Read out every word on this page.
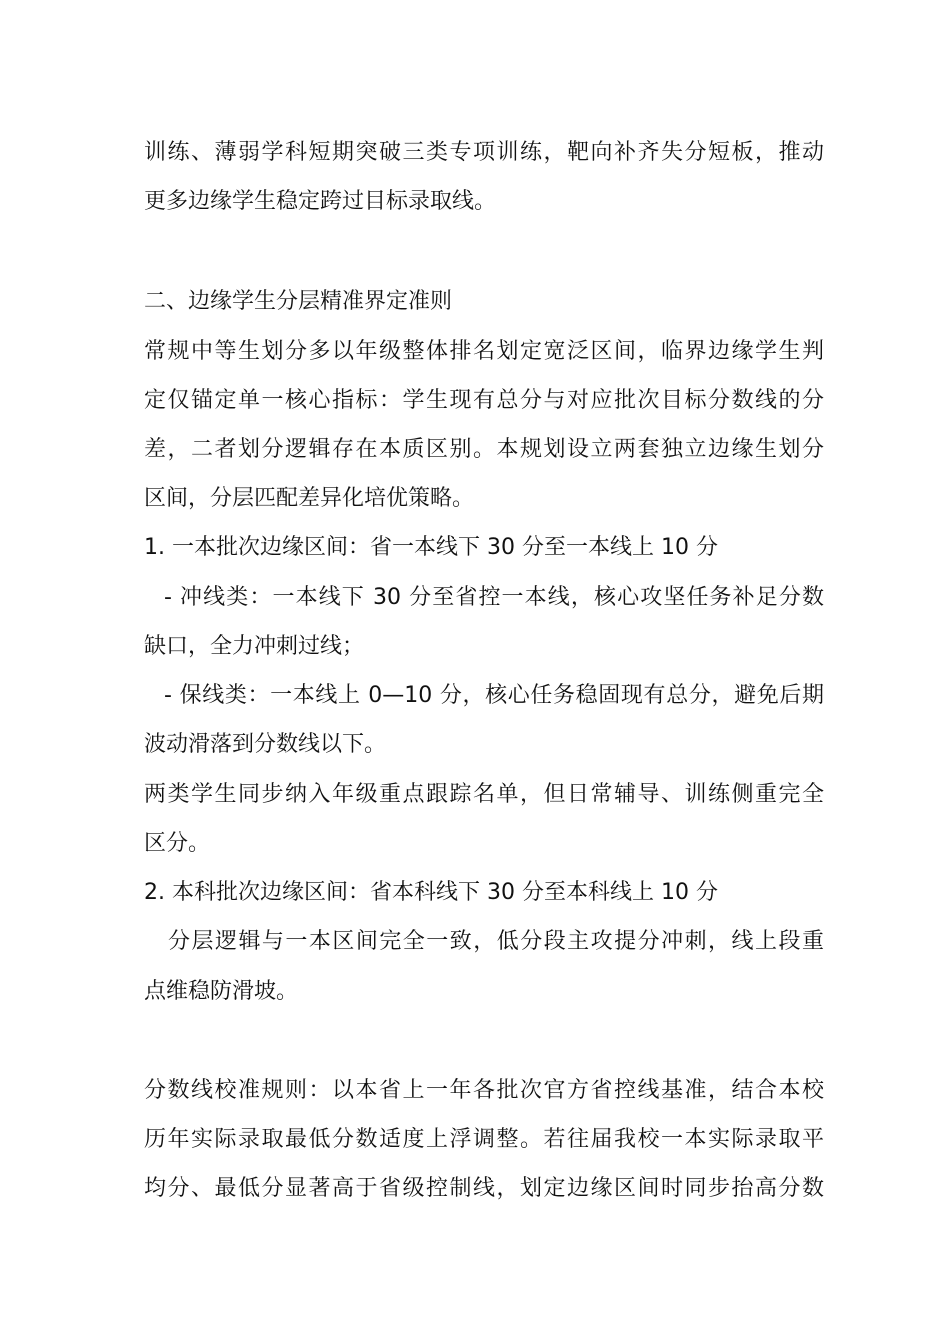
训练、薄弱学科短期突破三类专项训练，靶向补齐失分短板，推动
更多边缘学生稳定跨过目标录取线。
二、边缘学生分层精准界定准则
常规中等生划分多以年级整体排名划定宽泛区间，临界边缘学生判
定仅锚定单一核心指标：学生现有总分与对应批次目标分数线的分
差，二者划分逻辑存在本质区别。本规划设立两套独立边缘生划分
区间，分层匹配差异化培优策略。
1. 一本批次边缘区间：省一本线下 30 分至一本线上 10 分
- 冲线类：一本线下 30 分至省控一本线，核心攻坚任务补足分数
缺口，全力冲刺过线；
- 保线类：一本线上 0—10 分，核心任务稳固现有总分，避免后期
波动滑落到分数线以下。
两类学生同步纳入年级重点跟踪名单，但日常辅导、训练侧重完全
区分。
2. 本科批次边缘区间：省本科线下 30 分至本科线上 10 分
分层逻辑与一本区间完全一致，低分段主攻提分冲刺，线上段重
点维稳防滑坡。
分数线校准规则：以本省上一年各批次官方省控线基准，结合本校
历年实际录取最低分数适度上浮调整。若往届我校一本实际录取平
均分、最低分显著高于省级控制线，划定边缘区间时同步抬高分数
